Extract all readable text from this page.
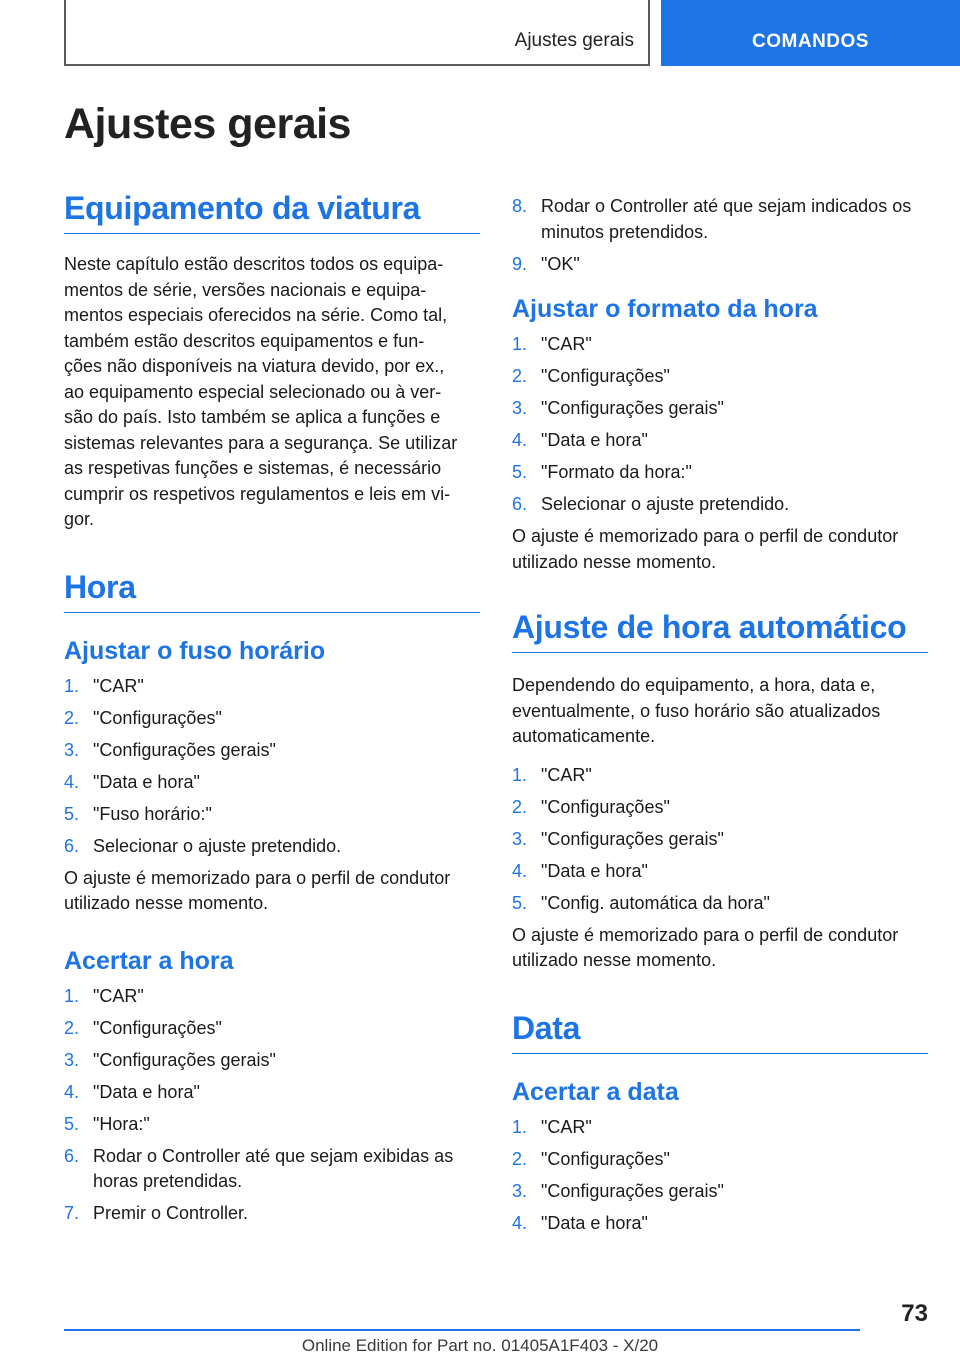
Ajustes gerais	COMANDOS
Ajustes gerais
Equipamento da viatura
Neste capítulo estão descritos todos os equipa‐
mentos de série, versões nacionais e equipa‐
mentos especiais oferecidos na série. Como tal,
também estão descritos equipamentos e fun‐
ções não disponíveis na viatura devido, por ex.,
ao equipamento especial selecionado ou à ver‐
são do país. Isto também se aplica a funções e
sistemas relevantes para a segurança. Se utilizar
as respetivas funções e sistemas, é necessário
cumprir os respetivos regulamentos e leis em vi‐
gor.
Hora
Ajustar o fuso horário
1. "CAR"
2. "Configurações"
3. "Configurações gerais"
4. "Data e hora"
5. "Fuso horário:"
6. Selecionar o ajuste pretendido.
O ajuste é memorizado para o perfil de condutor
utilizado nesse momento.
Acertar a hora
1. "CAR"
2. "Configurações"
3. "Configurações gerais"
4. "Data e hora"
5. "Hora:"
6. Rodar o Controller até que sejam exibidas as horas pretendidas.
7. Premir o Controller.
8. Rodar o Controller até que sejam indicados os minutos pretendidos.
9. "OK"
Ajustar o formato da hora
1. "CAR"
2. "Configurações"
3. "Configurações gerais"
4. "Data e hora"
5. "Formato da hora:"
6. Selecionar o ajuste pretendido.
O ajuste é memorizado para o perfil de condutor
utilizado nesse momento.
Ajuste de hora automático
Dependendo do equipamento, a hora, data e,
eventualmente, o fuso horário são atualizados
automaticamente.
1. "CAR"
2. "Configurações"
3. "Configurações gerais"
4. "Data e hora"
5. "Config. automática da hora"
O ajuste é memorizado para o perfil de condutor
utilizado nesse momento.
Data
Acertar a data
1. "CAR"
2. "Configurações"
3. "Configurações gerais"
4. "Data e hora"
73
Online Edition for Part no. 01405A1F403 - X/20
